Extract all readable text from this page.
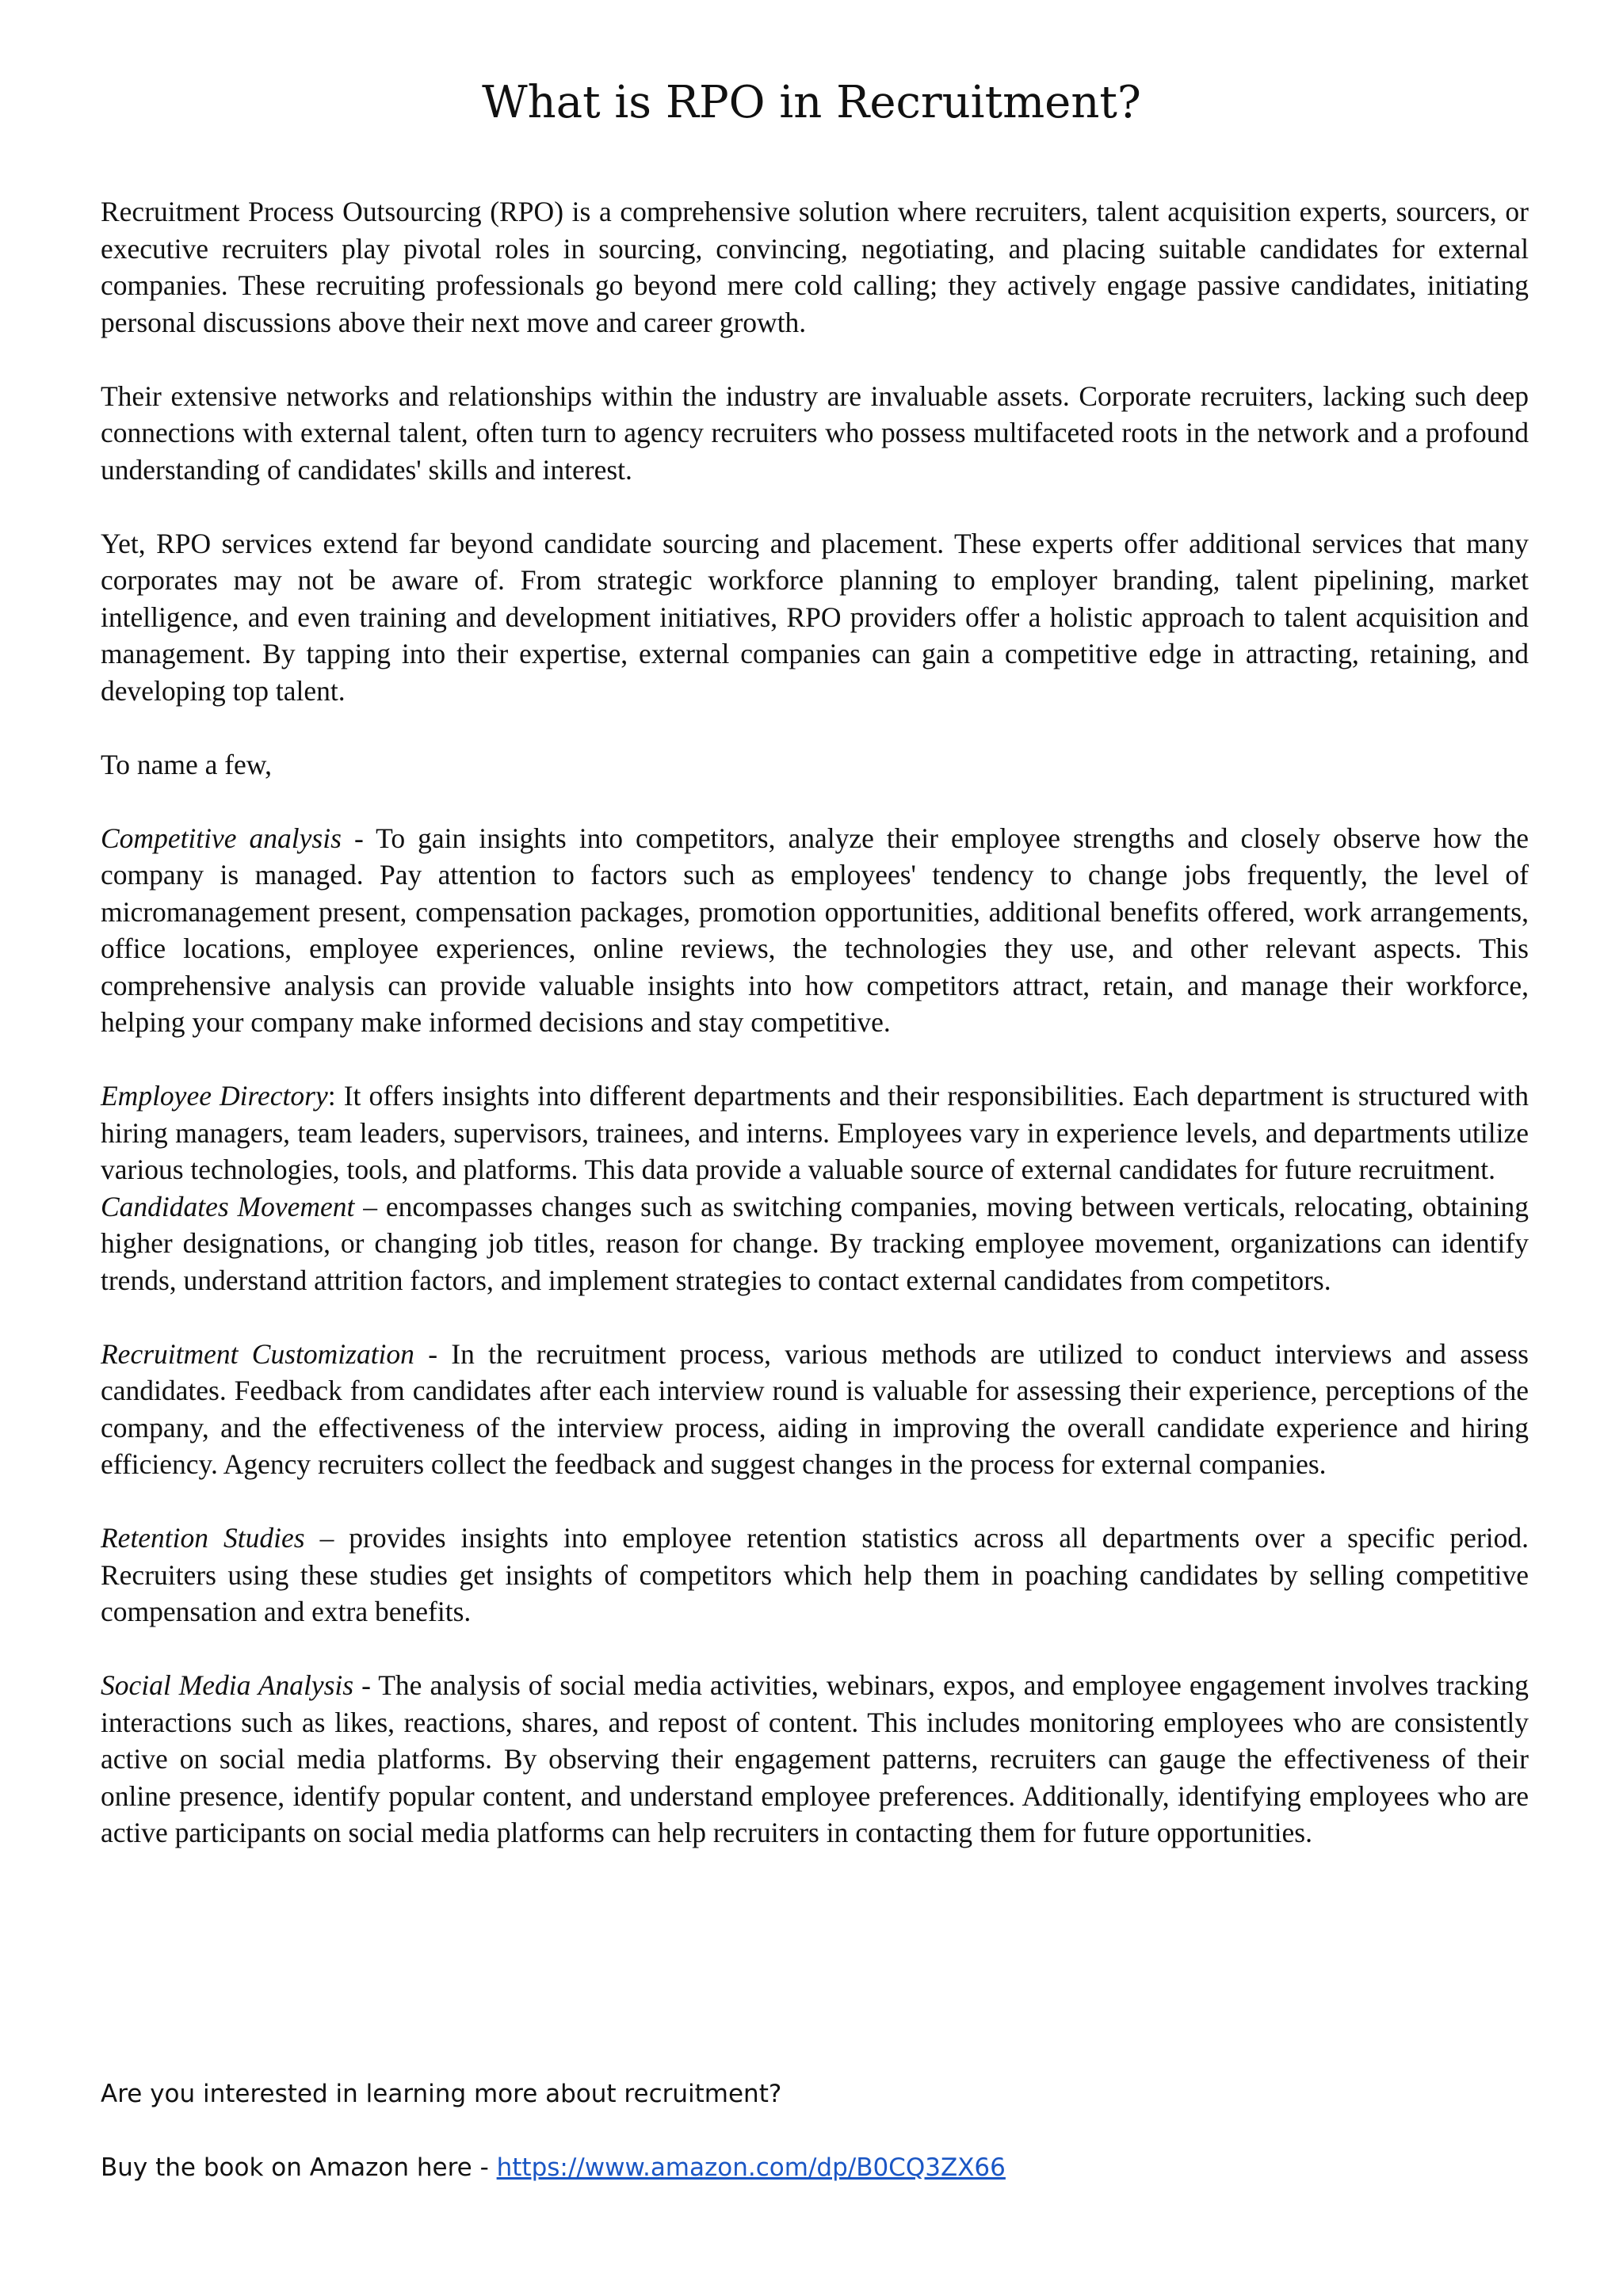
What is RPO in Recruitment?

Recruitment Process Outsourcing (RPO) is a comprehensive solution where recruiters, talent acquisition experts, sourcers, or executive recruiters play pivotal roles in sourcing, convincing, negotiating, and placing suitable candidates for external companies. These recruiting professionals go beyond mere cold calling; they actively engage passive candidates, initiating personal discussions above their next move and career growth.

Their extensive networks and relationships within the industry are invaluable assets. Corporate recruiters, lacking such deep connections with external talent, often turn to agency recruiters who possess multifaceted roots in the network and a profound understanding of candidates' skills and interest.

Yet, RPO services extend far beyond candidate sourcing and placement. These experts offer additional services that many corporates may not be aware of. From strategic workforce planning to employer branding, talent pipelining, market intelligence, and even training and development initiatives, RPO providers offer a holistic approach to talent acquisition and management. By tapping into their expertise, external companies can gain a competitive edge in attracting, retaining, and developing top talent.

To name a few,

Competitive analysis - To gain insights into competitors, analyze their employee strengths and closely observe how the company is managed. Pay attention to factors such as employees' tendency to change jobs frequently, the level of micromanagement present, compensation packages, promotion opportunities, additional benefits offered, work arrangements, office locations, employee experiences, online reviews, the technologies they use, and other relevant aspects. This comprehensive analysis can provide valuable insights into how competitors attract, retain, and manage their workforce, helping your company make informed decisions and stay competitive.

Employee Directory: It offers insights into different departments and their responsibilities. Each department is structured with hiring managers, team leaders, supervisors, trainees, and interns. Employees vary in experience levels, and departments utilize various technologies, tools, and platforms. This data provide a valuable source of external candidates for future recruitment.

Candidates Movement – encompasses changes such as switching companies, moving between verticals, relocating, obtaining higher designations, or changing job titles, reason for change. By tracking employee movement, organizations can identify trends, understand attrition factors, and implement strategies to contact external candidates from competitors.

Recruitment Customization - In the recruitment process, various methods are utilized to conduct interviews and assess candidates. Feedback from candidates after each interview round is valuable for assessing their experience, perceptions of the company, and the effectiveness of the interview process, aiding in improving the overall candidate experience and hiring efficiency. Agency recruiters collect the feedback and suggest changes in the process for external companies.

Retention Studies – provides insights into employee retention statistics across all departments over a specific period. Recruiters using these studies get insights of competitors which help them in poaching candidates by selling competitive compensation and extra benefits.

Social Media Analysis - The analysis of social media activities, webinars, expos, and employee engagement involves tracking interactions such as likes, reactions, shares, and repost of content. This includes monitoring employees who are consistently active on social media platforms. By observing their engagement patterns, recruiters can gauge the effectiveness of their online presence, identify popular content, and understand employee preferences. Additionally, identifying employees who are active participants on social media platforms can help recruiters in contacting them for future opportunities.

Are you interested in learning more about recruitment?

Buy the book on Amazon here - https://www.amazon.com/dp/B0CQ3ZX66
